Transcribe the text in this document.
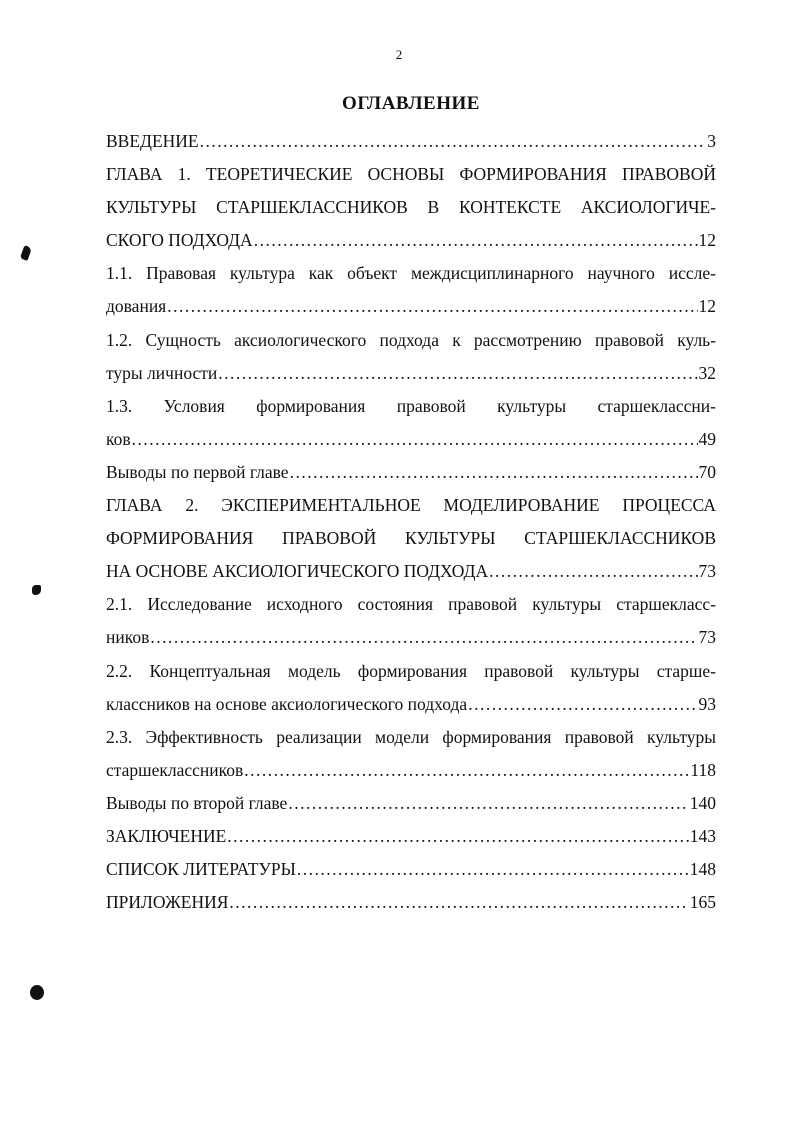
2
ОГЛАВЛЕНИЕ
ВВЕДЕНИЕ .....	3
ГЛАВА 1. ТЕОРЕТИЧЕСКИЕ ОСНОВЫ ФОРМИРОВАНИЯ ПРАВОВОЙ
КУЛЬТУРЫ СТАРШЕКЛАССНИКОВ В КОНТЕКСТЕ АКСИОЛОГИЧЕ-
СКОГО ПОДХОДА .....	12
1.1. Правовая культура как объект междисциплинарного научного иссле-
дования .....	12
1.2. Сущность аксиологического подхода к рассмотрению правовой куль-
туры личности .....	32
1.3. Условия формирования правовой культуры старшеклассни-
ков .....	49
Выводы по первой главе .....	70
ГЛАВА 2. ЭКСПЕРИМЕНТАЛЬНОЕ МОДЕЛИРОВАНИЕ ПРОЦЕССА
ФОРМИРОВАНИЯ ПРАВОВОЙ КУЛЬТУРЫ СТАРШЕКЛАССНИКОВ
НА ОСНОВЕ АКСИОЛОГИЧЕСКОГО ПОДХОДА .....	73
2.1. Исследование исходного состояния правовой культуры старшекласс-
ников .....	73
2.2. Концептуальная модель формирования правовой культуры старше-
классников на основе аксиологического подхода .....	93
2.3. Эффективность реализации модели формирования правовой культуры
старшеклассников .....	118
Выводы по второй главе .....	140
ЗАКЛЮЧЕНИЕ .....	143
СПИСОК ЛИТЕРАТУРЫ .....	148
ПРИЛОЖЕНИЯ .....	165
